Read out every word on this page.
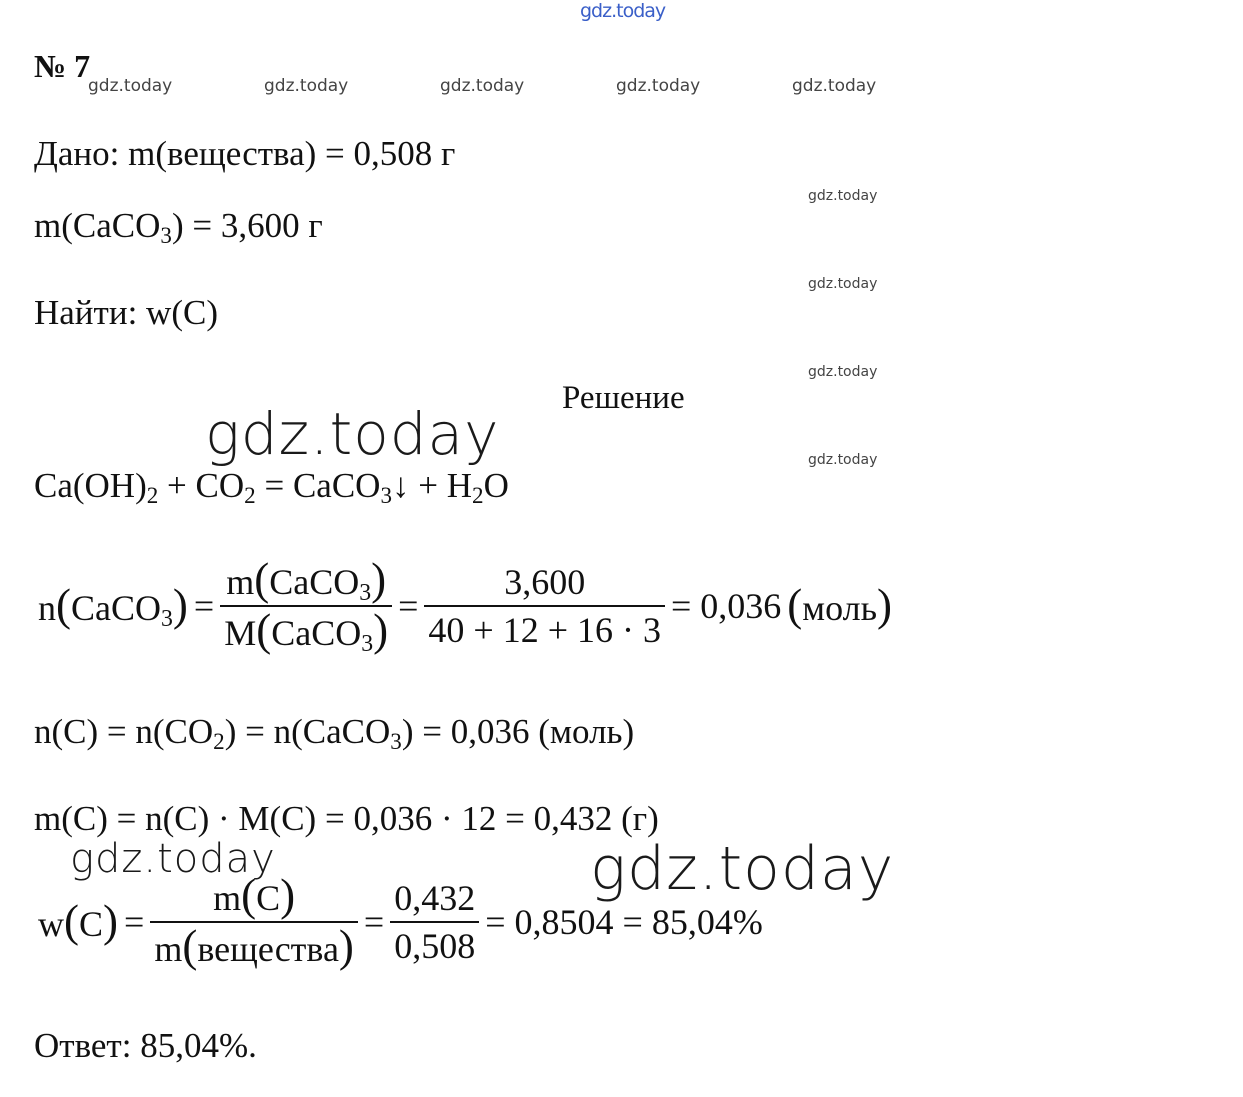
gdz.today
№ 7
gdz.today	gdz.today	gdz.today	gdz.today	gdz.today
Дано: m(вещества) = 0,508 г
m(CaCO$_3$) = 3,600 г
gdz.today
gdz.today
gdz.today
gdz.today
Найти: w(C)
Решение
gdz.today
$Ca(OH)_2 + CO_2$ = CaCO$_3$↓ + $H_2O$
n(CaCO$_3$) = $\frac{m(CaCO_3)}{M(CaCO_3)} = \frac{3,600}{40 + 12 + 16 \cdot 3} = 0,036$ (моль)
$n(C) = n(CO_2)$ = n(CaCO$_3$) = 0,036 (моль)
m(C) = n(C) · M(C) = 0,036 · 12 = 0,432 (г)
gdz.today	gdz.today
$w(C) = \frac{m(C)}{\text{m(вещества)}} = \frac{0,432}{0,508} = 0,8504 = 85,04\%$
Ответ: 85,04%.
